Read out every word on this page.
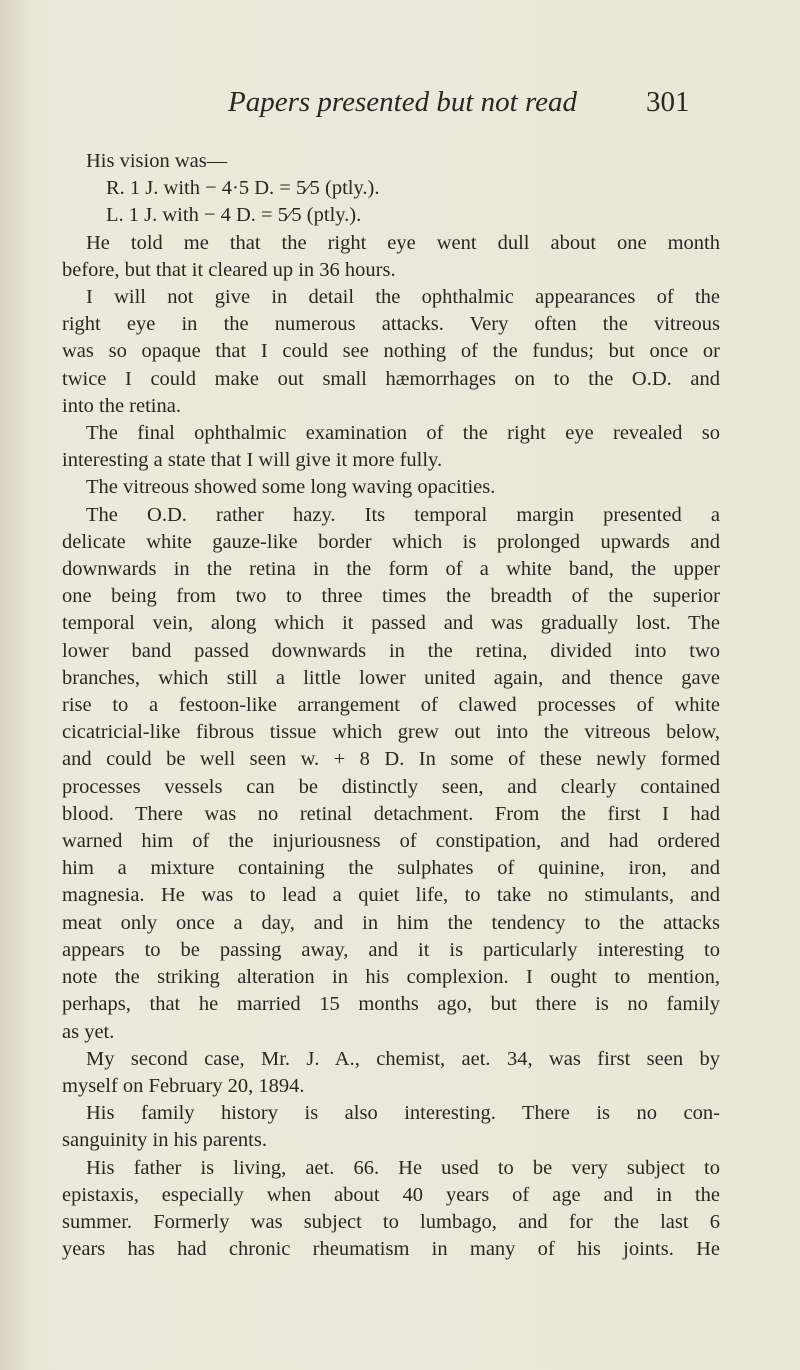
Papers presented but not read 301

His vision was—

R. 1 J. with − 4·5 D. = 5⁄5 (ptly.).

L. 1 J. with − 4 D. = 5⁄5 (ptly.).

He told me that the right eye went dull about one month

before, but that it cleared up in 36 hours.

I will not give in detail the ophthalmic appearances of the

right eye in the numerous attacks. Very often the vitreous

was so opaque that I could see nothing of the fundus; but once or

twice I could make out small hæmorrhages on to the O.D. and

into the retina.

The final ophthalmic examination of the right eye revealed so

interesting a state that I will give it more fully.

The vitreous showed some long waving opacities.

The O.D. rather hazy. Its temporal margin presented a

delicate white gauze-like border which is prolonged upwards and

downwards in the retina in the form of a white band, the upper

one being from two to three times the breadth of the superior

temporal vein, along which it passed and was gradually lost. The

lower band passed downwards in the retina, divided into two

branches, which still a little lower united again, and thence gave

rise to a festoon-like arrangement of clawed processes of white

cicatricial-like fibrous tissue which grew out into the vitreous below,

and could be well seen w. + 8 D. In some of these newly formed

processes vessels can be distinctly seen, and clearly contained

blood. There was no retinal detachment. From the first I had

warned him of the injuriousness of constipation, and had ordered

him a mixture containing the sulphates of quinine, iron, and

magnesia. He was to lead a quiet life, to take no stimulants, and

meat only once a day, and in him the tendency to the attacks

appears to be passing away, and it is particularly interesting to

note the striking alteration in his complexion. I ought to mention,

perhaps, that he married 15 months ago, but there is no family

as yet.

My second case, Mr. J. A., chemist, aet. 34, was first seen by

myself on February 20, 1894.

His family history is also interesting. There is no con-

sanguinity in his parents.

His father is living, aet. 66. He used to be very subject to

epistaxis, especially when about 40 years of age and in the

summer. Formerly was subject to lumbago, and for the last 6

years has had chronic rheumatism in many of his joints. He
